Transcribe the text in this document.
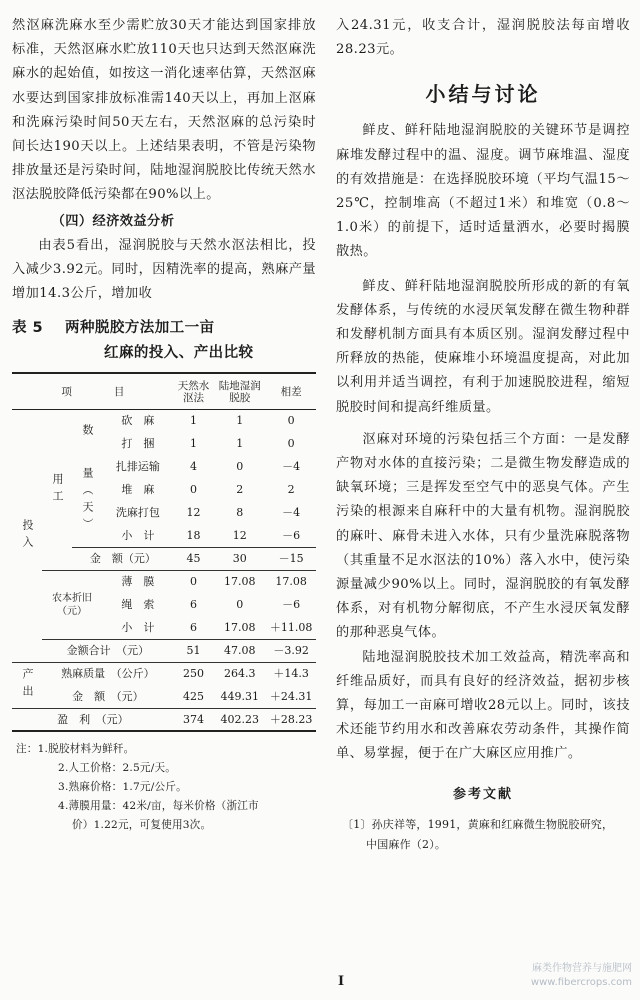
然沤麻洗麻水至少需贮放30天才能达到国家排放标准，天然沤麻水贮放110天也只达到天然沤麻洗麻水的起始值，如按这一消化速率估算，天然沤麻水要达到国家排放标准需140天以上，再加上沤麻和洗麻污染时间50天左右，天然沤麻的总污染时间长达190天以上。上述结果表明，不管是污染物排放量还是污染时间，陆地湿润脱胶比传统天然水沤法脱胶降低污染都在90%以上。

（四）经济效益分析

由表5看出，湿润脱胶与天然水沤法相比，投入减少3.92元。同时，因精洗率的提高，熟麻产量增加14.3公斤，增加收

表 5 两种脱胶方法加工一亩
红麻的投入、产出比较
项　　　　 目				天然水沤法	陆地湿润脱胶	相差
投入	用工	数	砍　麻	1	1	0
			打　捆	1	1	0
		量（天）	扎排运输	4	0	－4
			堆　麻	0	2	2
			洗麻打包	12	8	－4
			小　计	18	12	－6
		金　额（元）		45	30	－15
	农本折旧（元）		薄　膜	0	17.08	17.08
			绳　索	6	0	－6
			小　计	6	17.08	＋11.08
	金额合计　（元）			51	47.08	－3.92
产出	熟麻质量　（公斤）			250	264.3	＋14.3
	金　额　（元）			425	449.31	＋24.31
盈　利　（元）				374	402.23	＋28.23
注：1.脱胶材料为鲜秆。
2.人工价格：2.5元/天。
3.熟麻价格：1.7元/公斤。
4.薄膜用量：42米/亩，每米价格（浙江市
价）1.22元，可复使用3次。

入24.31元，收支合计，湿润脱胶法每亩增收28.23元。

小结与讨论

鲜皮、鲜秆陆地湿润脱胶的关键环节是调控麻堆发酵过程中的温、湿度。调节麻堆温、湿度的有效措施是：在选择脱胶环境（平均气温15～25℃，控制堆高（不超过1米）和堆宽（0.8～1.0米）的前提下，适时适量洒水，必要时揭膜散热。

鲜皮、鲜秆陆地湿润脱胶所形成的新的有氧发酵体系，与传统的水浸厌氧发酵在微生物种群和发酵机制方面具有本质区别。湿润发酵过程中所释放的热能，使麻堆小环境温度提高，对此加以利用并适当调控，有利于加速脱胶进程，缩短脱胶时间和提高纤维质量。

沤麻对环境的污染包括三个方面：一是发酵产物对水体的直接污染；二是微生物发酵造成的缺氧环境；三是挥发至空气中的恶臭气体。产生污染的根源来自麻秆中的大量有机物。湿润脱胶的麻叶、麻骨未进入水体，只有少量洗麻脱落物（其重量不足水沤法的10%）落入水中，使污染源量减少90%以上。同时，湿润脱胶的有氧发酵体系，对有机物分解彻底，不产生水浸厌氧发酵的那种恶臭气体。

陆地湿润脱胶技术加工效益高，精洗率高和纤维品质好，而具有良好的经济效益，据初步核算，每加工一亩麻可增收28元以上。同时，该技术还能节约用水和改善麻农劳动条件，其操作简单、易掌握，便于在广大麻区应用推广。

参考文献
〔1〕孙庆祥等，1991，黄麻和红麻微生物脱胶研究，
中国麻作（2）。
I
麻类作物营养与施肥网
www.fibercrops.com
